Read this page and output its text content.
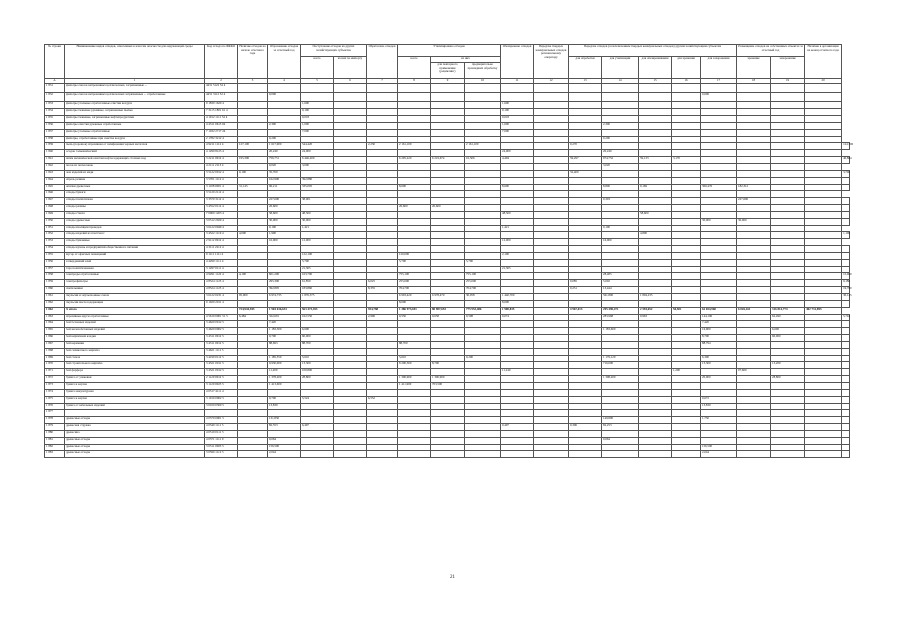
№ строки	Наименование видов отходов, отнесенных к классам опасности для окружающей среды	Код отхода по ФККО	Наличие отходов на начало отчетного года	Образование отходов за отчетный год	Поступление отходов из других хозяйствующих субъектов		Обработано отходов	Утилизировано отходов			Обезврежено отходов	Передача твердых коммунальных отходов региональному оператору	Передача отходов (за исключением твердых коммунальных отходов) другим хозяйствующим субъектам					Размещение отходов на собственных объектах за отчетный год		Наличие в организации на конец отчетного года	
					всего	из них по импорту		всего	из них				для обработки	для утилизации	для обезвреживания	для хранения	для захоронения	хранение	захоронение		
									для повторного применения (рециклинг)	предварительно прошедших обработку											
А	1	2	3	4	5	6	7	8	9	10	11	12	13	14	15	16	17	18	19	20	
1 831	фильтры смесок нитрованных целлюлозных, загрязненные ...	4431 5122 52 4																			
1 832	фильтры смесок нитрованных целлюлозных загрязненные ... отработанные	4431 3112 52 4		0,006													0,006				
1 833	фильтры угольные отработанные очистки воздуха	9 1830 1620 4			1,600						1,600										
1 834	фильтры тканевые рукавные, загрязненные пылью	7 3115 1801 61 4			0,100						0,100										
1 835	фильтры тканевые, загрязненные нефтепродуктами	4 1912 1111 52 4			0,018						0,018										
1 836	фильтры очистки рукавные отработанные	4 4311 0613 04		2,300	1,000						1,000			2,300							
1 837	фильтры угольные отработанные	7 1032 2717 24			7,000						7,000										
1 838	фильтры, отработанные при очистке воздуха	2 1782 3212 4		0,200										0,200							
1 839	пыль (порошок) абразивная от шлифования черных металлов	4 9211 1112 4	127,100	1 617,900	544,420		2,230	2 161,100		2 161,100			0,270								124,700
1 840	осадок гальванический	4 1290 8125 4		20,240	24,000						24,000			20,240							
1 841	шлам механической очистки нефтесодержащих сточных вод	3 2211 0012 4	195,300	756,751	6 446,200			6 295,220	6 219,674	16,506	4,494		59,297	974,752	59,133	3,170					40,864
1 842	песок из песколовок	4 2111 2113 4		0,020	3,000									3,020							
1 843	лом изделий из меди	3 5122 0012 4	0,100	35,700									32,400								3,700
1 844	обрезь резины	3 5701 1112 4		162,900	392,880																
1 845	опилки древесные	3 1108 0001 4	31,145	96,211	335,095			8,600			8,600			8,800	0,169		300,476	182,312			
1 846	отходы бумаги	3 5120 2112 4																			
1 847	отходы полиэтилена	3 3570 3112 4		227,600	38,001									0,303				227,600			
1 848	отходы резины	3 4552 0112 4		26,600				26,600	26,600												
1 849	отходы стекла	7 0000 1203 4		58,600	48,500						48,500				58,600						
1 850	отходы древесные	3 0512 2029 4		30,000	30,000												30,000	30,000			
1 851	отходы изоляции проводов	3 6122 0049 4		0,100	1,421						1,421			0,100							
1 852	отходы изделий из пластмасс	3 4522 1119 4	4,000	1,900											4,800						1,100
1 853	отходы бумажные	2 9112 0912 4		16,000	12,000						12,000			16,000							
1 854	отходы кухонь и предприятий общественного питания	4 3111 2212 4																			
1 855	мусор от офисных помещений	9 1111 1111 4			122,100			120,000			2,100										
1 856	затвердевший клей	4 4290 1111 4			5,700			5,700		5,700											
1 857	тара полиэтиленовая	3 1297 0111 4			21,305						21,305										
1 858	электроды отработанные	4 9291 1122 4	4,100	601,200	163,700			755,100		755,100				28,485							15,960
1 859	электрофильтры	4 8524 1125 4		295,300	61,850		6,025	255,000		255,000			0,085	5,002							9,180
1 860	светильники	4 8524 1125 4		392,805	183,860		8,335	704,700		704,700			0,251	13,444							19,780
1 861	эмульсии и эмульсионные смеси	3 6122 0231 4	95,000	6 974,735	1 876,375			6 903,420	6 978,470	30,058	1 440,700			561,800	1 804,235						30,145
1 862	эмульсии маслосодержащие	9 1920 2011 4						8,000			8,000										
1 862	Х итого		724,944,943	1 904 636,633	563 473,453		934,788	1 386 973,691	80 987,653	775 953,486	1 900,835		4 967,013	295 490,471	2 594,652	50,501	62 654,960	6 026,161	316 814,774	402 731,895	
1 863	абразивные круги отработанные	4 5610 0001 51 5	6,484	322,691	162,550		2,996	0,550	0,658	0,508	0,074			283,968	0,963		144,196		62,490		5,794
1 864	бой бетонных изделий	3 4620 0012 5		7,420													7,420				
1 865	бой железобетонных изделий	3 4620 0002 5		1 183,300	6,600									1 183,600			16,900		6,600		
1 866	бой кирпичной кладки	3 4311 0012 5		0,700	60,000												8,700		60,000		
1 867	бой керамики	3 4311 0012 5		88,693	88,700			88,700									88,794				
1 868	бой силикатного кирпича	3 4621 1111 5																			
1 869	бой стекла	3 4190 0112 5		1 185,550	5,610			5,610		0,200				1 179,120			6,300				
1 870	бой строительного кирпича	3 4521 0011 5		0,930,000	13,300			8 200,300	8,700					716,000			13,300		13,200		
1 871	бой фарфора	3 4521 0012 5		11,200	100,800						11,240					1,200		97,600			
1 872	бумага от упаковки	2 1120 0012 5		1 378,200	28,800			1 300,900	1 300,900					1 308,200			20,000		28,800		
1 873	бумага и картон	3 1120 0023 5		1 413,600				1 411,900	703,500												
1 874	бумага макулатурная	4 0517 4111 4																			
1 875	бумага и картон	3 1910 0002 5		0,700	5,524		6,552										0,672				
1 876	бумага от кабельных изделий	3 0100 0300 5		13,839													13,839				
1 877																					
1 878	древесные отходы	4 0570 0001 5		131,850										149,800			1,750				
1 879	древесная стружка	4 0540 1111 5		82,553	6,497						0,497		0,306	82,253							
1 880	древесина	4 0519 0111 5																			
1 881	древесные отходы	4 0571 1111 9		0,064										0,064							
1 882	древесные отходы	3 0511 0003 5		156,500													156,500				
1 883	древесные отходы	3 0590 1112 5		2,044													2,044				
21
